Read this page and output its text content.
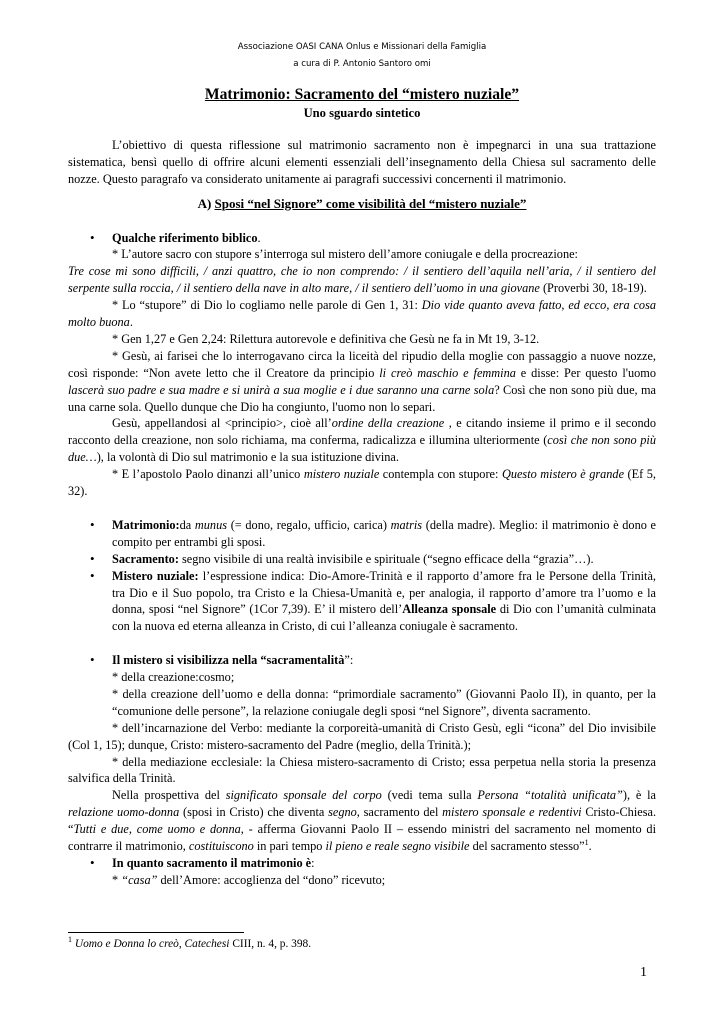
Associazione OASI CANA Onlus e Missionari della Famiglia
a cura di P. Antonio Santoro omi
Matrimonio: Sacramento del “mistero nuziale”
Uno sguardo sintetico

L’obiettivo di questa riflessione sul matrimonio sacramento non è impegnarci in una sua trattazione sistematica, bensì quello di offrire alcuni elementi essenziali dell’insegnamento della Chiesa sul sacramento delle nozze. Questo paragrafo va considerato unitamente ai paragrafi successivi concernenti il matrimonio.

A) Sposi “nel Signore” come visibilità del “mistero nuziale”

• Qualche riferimento biblico.

* L’autore sacro con stupore s’interroga sul mistero dell’amore coniugale e della procreazione:

Tre cose mi sono difficili, / anzi quattro, che io non comprendo: / il sentiero dell’aquila nell’aria, / il sentiero del serpente sulla roccia, / il sentiero della nave in alto mare, / il sentiero dell’uomo in una giovane (Proverbi 30, 18-19).

* Lo “stupore” di Dio lo cogliamo nelle parole di Gen 1, 31: Dio vide quanto aveva fatto, ed ecco, era cosa molto buona.

* Gen 1,27 e Gen 2,24: Rilettura autorevole e definitiva che Gesù ne fa in Mt 19, 3-12.

* Gesù, ai farisei che lo interrogavano circa la liceità del ripudio della moglie con passaggio a nuove nozze, così risponde: “Non avete letto che il Creatore da principio li creò maschio e femmina e disse: Per questo l'uomo lascerà suo padre e sua madre e si unirà a sua moglie e i due saranno una carne sola? Così che non sono più due, ma una carne sola. Quello dunque che Dio ha congiunto, l'uomo non lo separi.

Gesù, appellandosi al <principio>, cioè all’ordine della creazione , e citando insieme il primo e il secondo racconto della creazione, non solo richiama, ma conferma, radicalizza e illumina ulteriormente (così che non sono più due…), la volontà di Dio sul matrimonio e la sua istituzione divina.

* E l’apostolo Paolo dinanzi all’unico mistero nuziale contempla con stupore: Questo mistero è grande (Ef 5, 32).

• Matrimonio:da munus (= dono, regalo, ufficio, carica) matris (della madre). Meglio: il matrimonio è dono e compito per entrambi gli sposi.
• Sacramento: segno visibile di una realtà invisibile e spirituale (“segno efficace della “grazia”…).
• Mistero nuziale: l’espressione indica: Dio-Amore-Trinità e il rapporto d’amore fra le Persone della Trinità, tra Dio e il Suo popolo, tra Cristo e la Chiesa-Umanità e, per analogia, il rapporto d’amore tra l’uomo e la donna, sposi “nel Signore” (1Cor 7,39). E’ il mistero dell’Alleanza sponsale di Dio con l’umanità culminata con la nuova ed eterna alleanza in Cristo, di cui l’alleanza coniugale è sacramento.
• Il mistero si visibilizza nella “sacramentalità”:

* della creazione:cosmo;

* della creazione dell’uomo e della donna: “primordiale sacramento” (Giovanni Paolo II), in quanto, per la “comunione delle persone”, la relazione coniugale degli sposi “nel Signore”, diventa sacramento.

* dell’incarnazione del Verbo: mediante la corporeità-umanità di Cristo Gesù, egli “icona” del Dio invisibile (Col 1, 15); dunque, Cristo: mistero-sacramento del Padre (meglio, della Trinità.);

* della mediazione ecclesiale: la Chiesa mistero-sacramento di Cristo; essa perpetua nella storia la presenza salvifica della Trinità.

Nella prospettiva del significato sponsale del corpo (vedi tema sulla Persona “totalità unificata”), è la relazione uomo-donna (sposi in Cristo) che diventa segno, sacramento del mistero sponsale e redentivi Cristo-Chiesa. “Tutti e due, come uomo e donna, - afferma Giovanni Paolo II – essendo ministri del sacramento nel momento di contrarre il matrimonio, costituiscono in pari tempo il pieno e reale segno visibile del sacramento stesso”$^1$.

• In quanto sacramento il matrimonio è:

* “casa” dell’Amore: accoglienza del “dono” ricevuto;

$^1$ Uomo e Donna lo creò, Catechesi CIII, n. 4, p. 398.
1
